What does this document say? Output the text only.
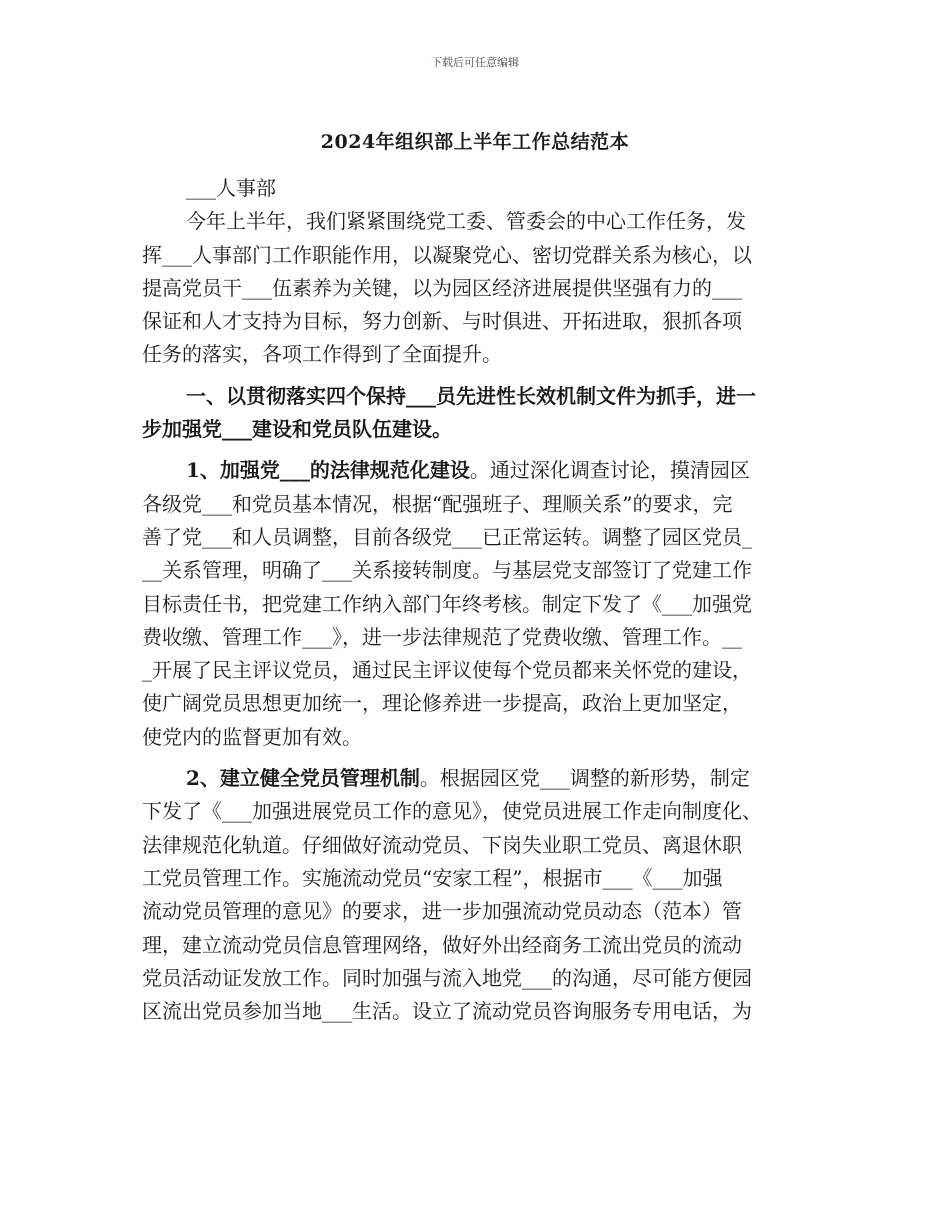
下载后可任意编辑
2024年组织部上半年工作总结范本
___人事部
今年上半年，我们紧紧围绕党工委、管委会的中心工作任务，发
挥___人事部门工作职能作用，以凝聚党心、密切党群关系为核心，以
提高党员干___伍素养为关键，以为园区经济进展提供坚强有力的___
保证和人才支持为目标，努力创新、与时俱进、开拓进取，狠抓各项
任务的落实，各项工作得到了全面提升。
一、以贯彻落实四个保持___员先进性长效机制文件为抓手，进一
步加强党___建设和党员队伍建设。
1、加强党___的法律规范化建设。通过深化调查讨论，摸清园区
各级党___和党员基本情况，根据“配强班子、理顺关系”的要求，完
善了党___和人员调整，目前各级党___已正常运转。调整了园区党员_
__关系管理，明确了___关系接转制度。与基层党支部签订了党建工作
目标责任书，把党建工作纳入部门年终考核。制定下发了《___加强党
费收缴、管理工作___》，进一步法律规范了党费收缴、管理工作。__
_开展了民主评议党员，通过民主评议使每个党员都来关怀党的建设，
使广阔党员思想更加统一，理论修养进一步提高，政治上更加坚定，
使党内的监督更加有效。
2、建立健全党员管理机制。根据园区党___调整的新形势，制定
下发了《___加强进展党员工作的意见》，使党员进展工作走向制度化、
法律规范化轨道。仔细做好流动党员、下岗失业职工党员、离退休职
工党员管理工作。实施流动党员“安家工程”，根据市___《___加强
流动党员管理的意见》的要求，进一步加强流动党员动态（范本）管
理，建立流动党员信息管理网络，做好外出经商务工流出党员的流动
党员活动证发放工作。同时加强与流入地党___的沟通，尽可能方便园
区流出党员参加当地___生活。设立了流动党员咨询服务专用电话，为
